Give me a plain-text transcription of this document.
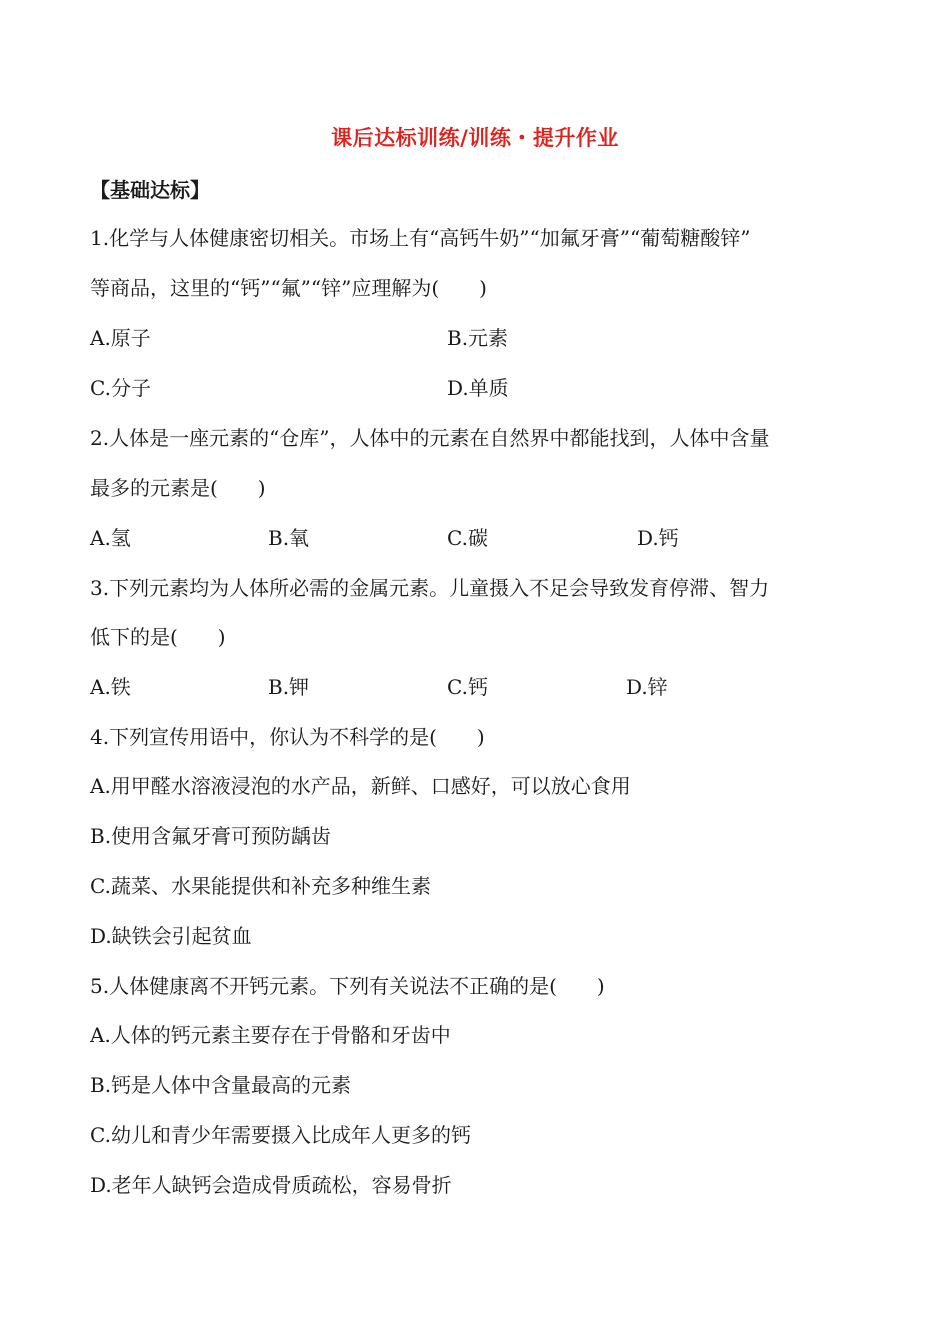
课后达标训练/训练・提升作业
【基础达标】
1.化学与人体健康密切相关。市场上有“高钙牛奶”“加氟牙膏”“葡萄糖酸锌”
等商品，这里的“钙”“氟”“锌”应理解为(　　)
A.原子	B.元素
C.分子	D.单质
2.人体是一座元素的“仓库”，人体中的元素在自然界中都能找到，人体中含量
最多的元素是(　　)
A.氢	B.氧	C.碳	D.钙
3.下列元素均为人体所必需的金属元素。儿童摄入不足会导致发育停滞、智力
低下的是(　　)
A.铁	B.钾	C.钙	D.锌
4.下列宣传用语中，你认为不科学的是(　　)
A.用甲醛水溶液浸泡的水产品，新鲜、口感好，可以放心食用
B.使用含氟牙膏可预防龋齿
C.蔬菜、水果能提供和补充多种维生素
D.缺铁会引起贫血
5.人体健康离不开钙元素。下列有关说法不正确的是(　　)
A.人体的钙元素主要存在于骨骼和牙齿中
B.钙是人体中含量最高的元素
C.幼儿和青少年需要摄入比成年人更多的钙
D.老年人缺钙会造成骨质疏松，容易骨折
